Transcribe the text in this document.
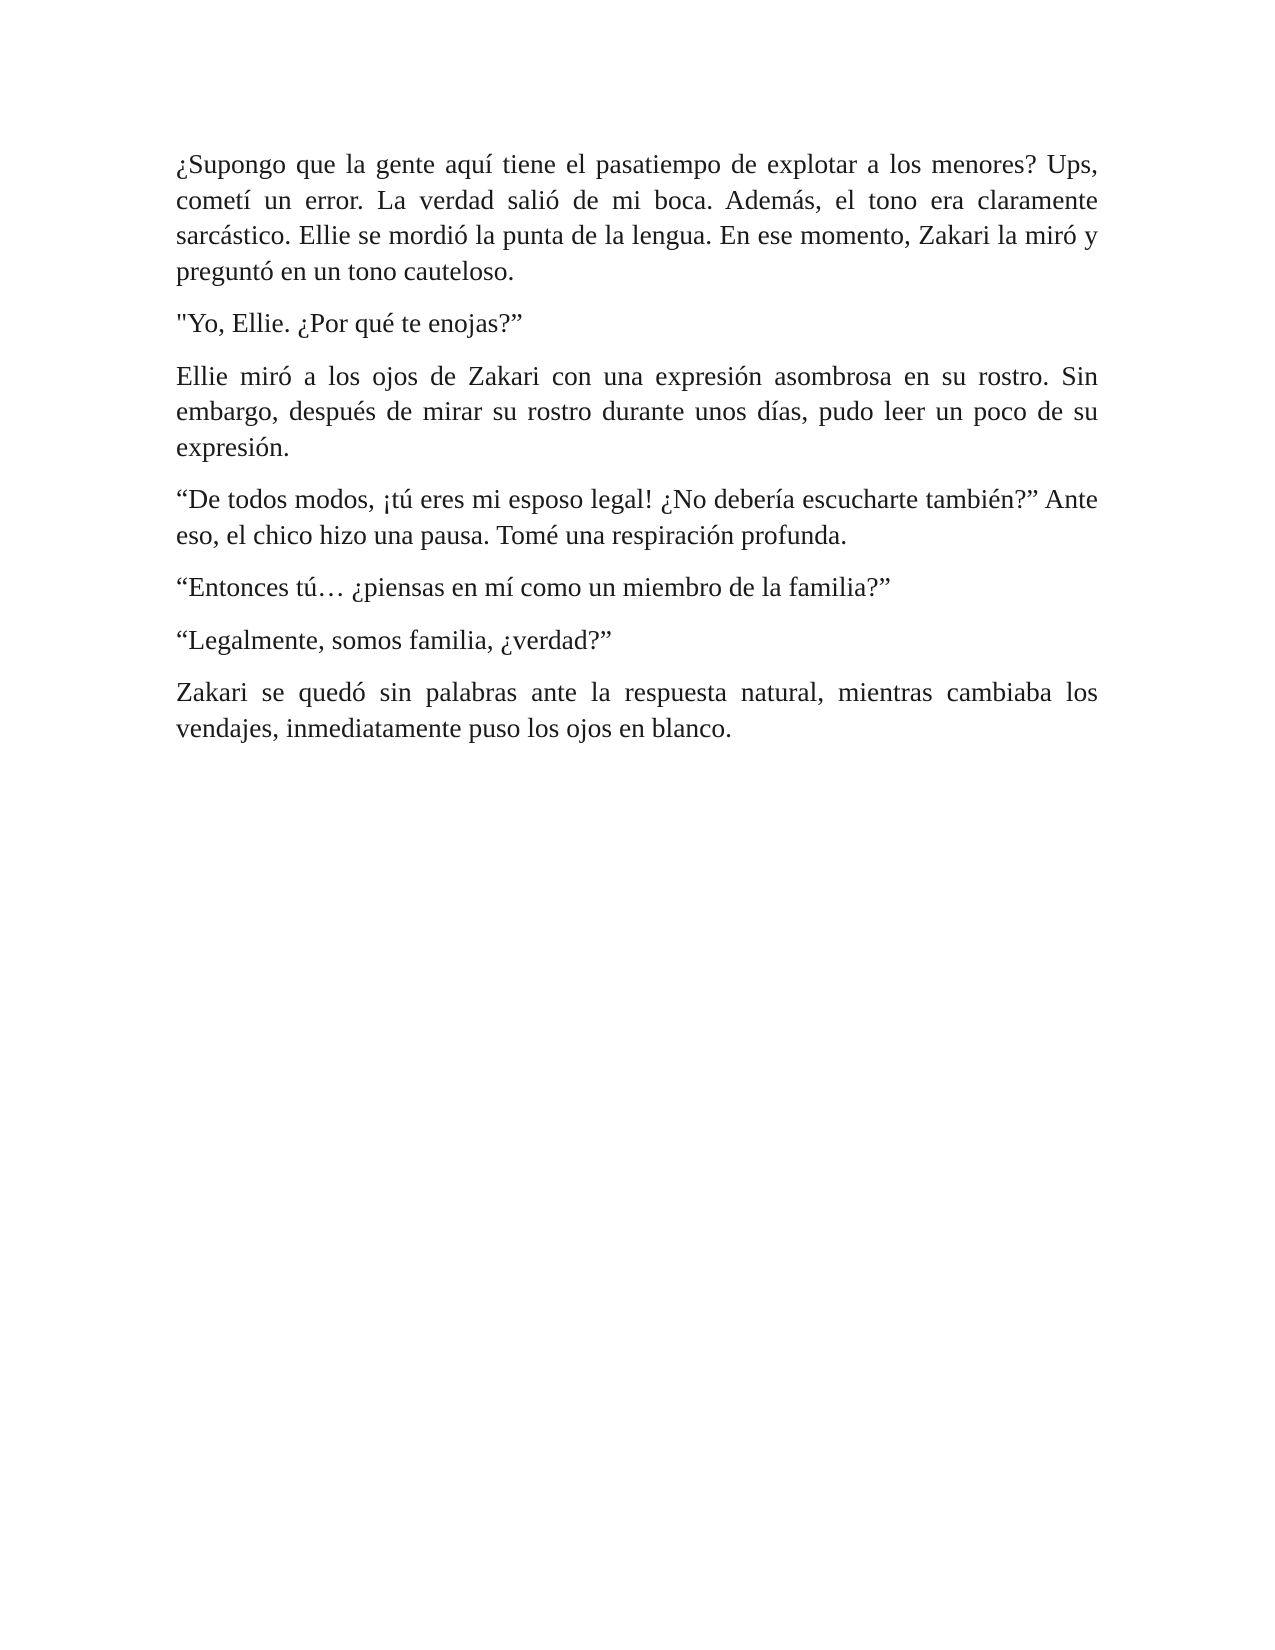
¿Supongo que la gente aquí tiene el pasatiempo de explotar a los menores? Ups, cometí un error. La verdad salió de mi boca. Además, el tono era claramente sarcástico. Ellie se mordió la punta de la lengua. En ese momento, Zakari la miró y preguntó en un tono cauteloso.

"Yo, Ellie. ¿Por qué te enojas?”

Ellie miró a los ojos de Zakari con una expresión asombrosa en su rostro. Sin embargo, después de mirar su rostro durante unos días, pudo leer un poco de su expresión.

“De todos modos, ¡tú eres mi esposo legal! ¿No debería escucharte también?” Ante eso, el chico hizo una pausa. Tomé una respiración profunda.

“Entonces tú… ¿piensas en mí como un miembro de la familia?”

“Legalmente, somos familia, ¿verdad?”

Zakari se quedó sin palabras ante la respuesta natural, mientras cambiaba los vendajes, inmediatamente puso los ojos en blanco.
